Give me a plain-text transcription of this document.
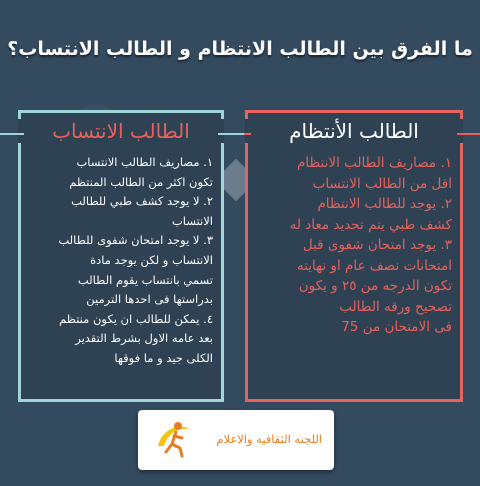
ما الفرق بين الطالب الانتظام و الطالب الانتساب؟
الطالب الأنتظام

١. مصاريف الطالب الانتظام

اقل من الطالب الانتساب

٢. يوجد للطالب الانتظام

كشف طبي يتم تحديد معاد له

٣. يوجد امتحان شفوى قبل

امتحانات نصف عام او نهايته

تكون الدرجه من ٢٥ و يكون

تصحيح ورقه الطالب

فى الامتحان من 75

الطالب الانتساب

١. مصاريف الطالب الانتساب

تكون اكثر من الطالب المنتظم

٢. لا يوجد كشف طبي للطالب

الانتساب

٣. لا يوجد امتحان شفوى للطالب

الانتساب و لكن يوجد مادة

تسمي بانتساب يقوم الطالب

بدراستها فى احدها الترمين

٤. يمكن للطالب ان يكون منتظم

بعد عامه الاول بشرط التقدير

الكلى جيد و ما فوقها

اللجنه الثقافيه والاعلام
